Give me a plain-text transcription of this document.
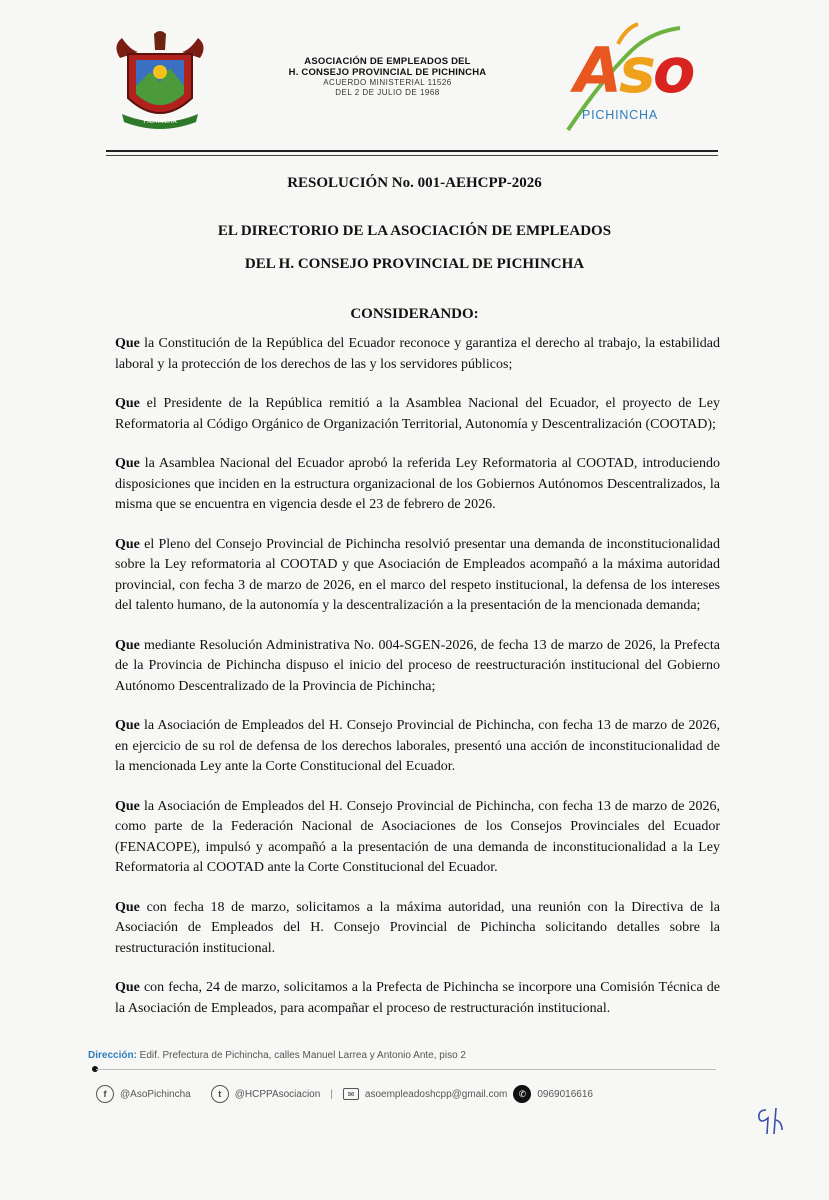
PICHINCHA
ASOCIACIÓN DE EMPLEADOS DEL
H. CONSEJO PROVINCIAL DE PICHINCHA
ACUERDO MINISTERIAL 11526
DEL 2 DE JULIO DE 1968	Aso
PICHINCHA
RESOLUCIÓN No. 001-AEHCPP-2026
EL DIRECTORIO DE LA ASOCIACIÓN DE EMPLEADOS
DEL H. CONSEJO PROVINCIAL DE PICHINCHA
CONSIDERANDO:

Que la Constitución de la República del Ecuador reconoce y garantiza el derecho al trabajo, la estabilidad laboral y la protección de los derechos de las y los servidores públicos;

Que el Presidente de la República remitió a la Asamblea Nacional del Ecuador, el proyecto de Ley Reformatoria al Código Orgánico de Organización Territorial, Autonomía y Descentralización (COOTAD);

Que la Asamblea Nacional del Ecuador aprobó la referida Ley Reformatoria al COOTAD, introduciendo disposiciones que inciden en la estructura organizacional de los Gobiernos Autónomos Descentralizados, la misma que se encuentra en vigencia desde el 23 de febrero de 2026.

Que el Pleno del Consejo Provincial de Pichincha resolvió presentar una demanda de inconstitucionalidad sobre la Ley reformatoria al COOTAD y que Asociación de Empleados acompañó a la máxima autoridad provincial, con fecha 3 de marzo de 2026, en el marco del respeto institucional, la defensa de los intereses del talento humano, de la autonomía y la descentralización a la presentación de la mencionada demanda;

Que mediante Resolución Administrativa No. 004-SGEN-2026, de fecha 13 de marzo de 2026, la Prefecta de la Provincia de Pichincha dispuso el inicio del proceso de reestructuración institucional del Gobierno Autónomo Descentralizado de la Provincia de Pichincha;

Que la Asociación de Empleados del H. Consejo Provincial de Pichincha, con fecha 13 de marzo de 2026, en ejercicio de su rol de defensa de los derechos laborales, presentó una acción de inconstitucionalidad de la mencionada Ley ante la Corte Constitucional del Ecuador.

Que la Asociación de Empleados del H. Consejo Provincial de Pichincha, con fecha 13 de marzo de 2026, como parte de la Federación Nacional de Asociaciones de los Consejos Provinciales del Ecuador (FENACOPE), impulsó y acompañó a la presentación de una demanda de inconstitucionalidad a la Ley Reformatoria al COOTAD ante la Corte Constitucional del Ecuador.

Que con fecha 18 de marzo, solicitamos a la máxima autoridad, una reunión con la Directiva de la Asociación de Empleados del H. Consejo Provincial de Pichincha solicitando detalles sobre la restructuración institucional.

Que con fecha, 24 de marzo, solicitamos a la Prefecta de Pichincha se incorpore una Comisión Técnica de la Asociación de Empleados, para acompañar el proceso de restructuración institucional.

Dirección: Edif. Prefectura de Pichincha, calles Manuel Larrea y Antonio Ante, piso 2
f	@AsoPichincha	t	@HCPPAsociacion |	✉	asoempleadoshcpp@gmail.com	✆	0969016616
